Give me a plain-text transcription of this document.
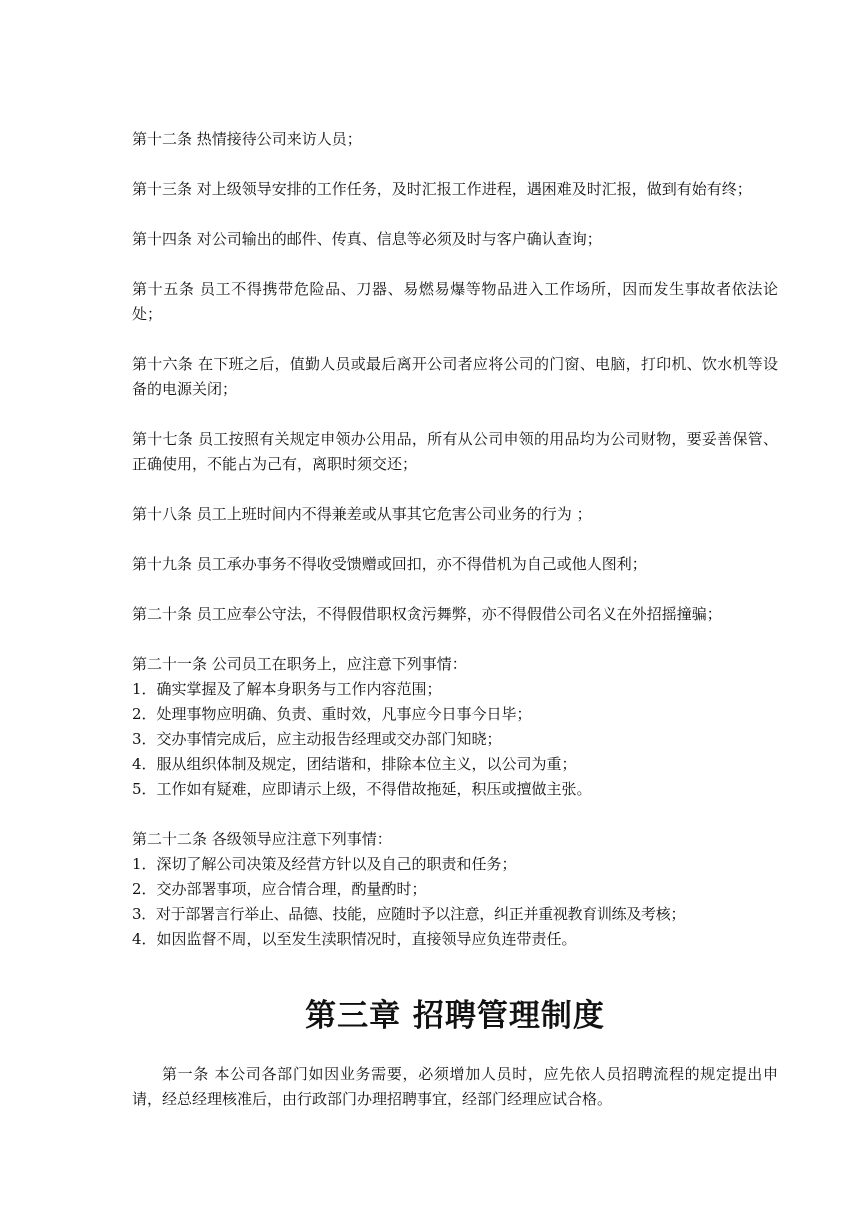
第十二条 热情接待公司来访人员；

第十三条 对上级领导安排的工作任务，及时汇报工作进程，遇困难及时汇报，做到有始有终；

第十四条 对公司输出的邮件、传真、信息等必须及时与客户确认查询；

第十五条 员工不得携带危险品、刀器、易燃易爆等物品进入工作场所，因而发生事故者依法论处；

第十六条 在下班之后，值勤人员或最后离开公司者应将公司的门窗、电脑，打印机、饮水机等设备的电源关闭；

第十七条 员工按照有关规定申领办公用品，所有从公司申领的用品均为公司财物，要妥善保管、正确使用，不能占为己有，离职时须交还；

第十八条 员工上班时间内不得兼差或从事其它危害公司业务的行为 ；

第十九条 员工承办事务不得收受馈赠或回扣，亦不得借机为自己或他人图利；

第二十条 员工应奉公守法，不得假借职权贪污舞弊，亦不得假借公司名义在外招摇撞骗；

第二十一条 公司员工在职务上，应注意下列事情：

1．确实掌握及了解本身职务与工作内容范围；
2．处理事物应明确、负责、重时效，凡事应今日事今日毕；
3．交办事情完成后，应主动报告经理或交办部门知晓；
4．服从组织体制及规定，团结谐和，排除本位主义，以公司为重；
5．工作如有疑难，应即请示上级，不得借故拖延，积压或擅做主张。

第二十二条 各级领导应注意下列事情：

1．深切了解公司决策及经营方针以及自己的职责和任务；
2．交办部署事项，应合情合理，酌量酌时；
3．对于部署言行举止、品德、技能，应随时予以注意，纠正并重视教育训练及考核；
4．如因监督不周，以至发生渎职情况时，直接领导应负连带责任。
第三章 招聘管理制度

第一条 本公司各部门如因业务需要，必须增加人员时，应先依人员招聘流程的规定提出申请，经总经理核准后，由行政部门办理招聘事宜，经部门经理应试合格。
